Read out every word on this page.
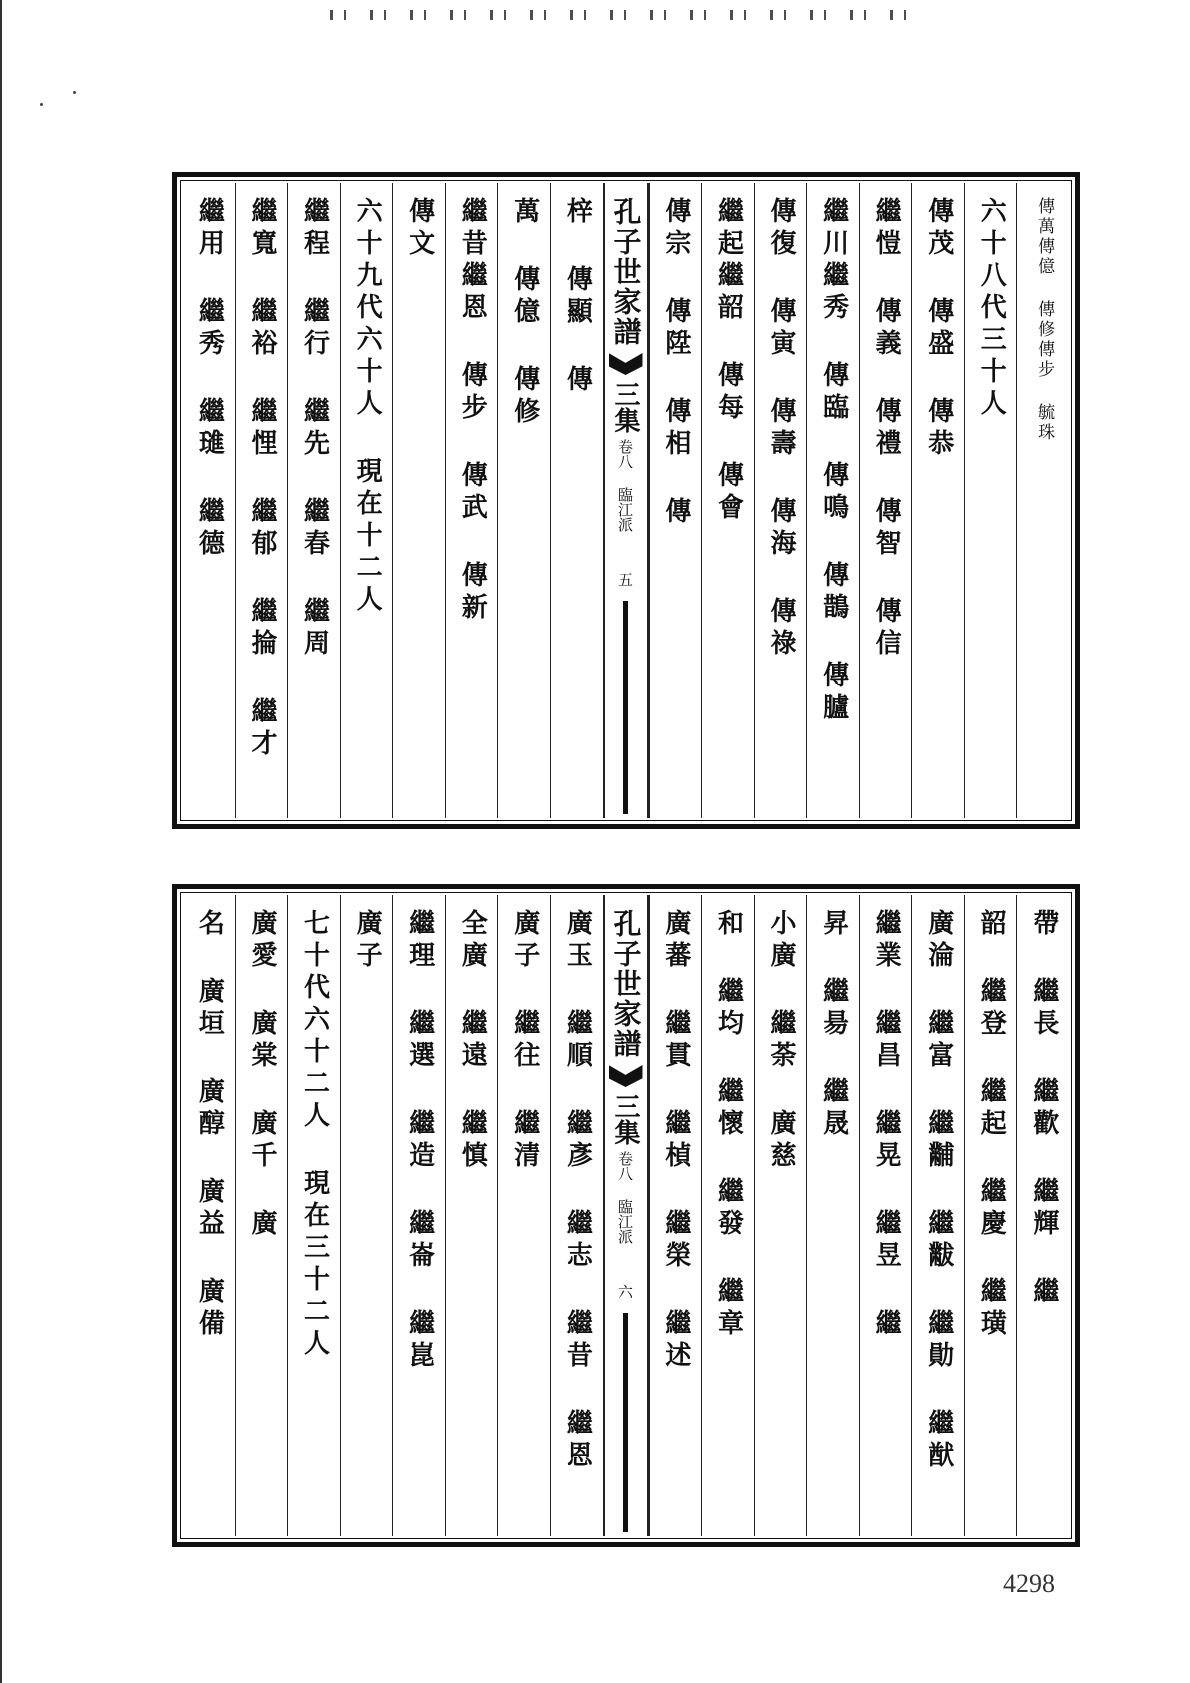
傳萬傳億 傳修傳步 毓珠
六十八代三十人
傳茂 傳盛 傳恭
繼愷 傳義 傳禮 傳智 傳信
繼川繼秀 傳臨 傳鳴 傳鵲 傳臚
傳復 傳寅 傳壽 傳海 傳祿
繼起繼韶 傳每 傳會
傳宗 傳陞 傳相 傳
孔子世家譜
三集
卷八 臨江派
五
梓 傳顯 傳
萬 傳億 傳修
繼昔繼恩 傳步 傳武 傳新
傳文
六十九代六十人 現在十二人
繼程 繼行 繼先 繼春 繼周
繼寬 繼裕 繼悝 繼郁 繼掄 繼才
繼用 繼秀 繼璡 繼德
帶 繼長 繼歡 繼輝 繼
韶 繼登 繼起 繼慶 繼璜
廣淪 繼富 繼黼 繼黻 繼勛 繼猷
繼業 繼昌 繼晃 繼昱 繼
昇 繼昜 繼晟
小廣 繼荼 廣慈
和 繼均 繼懷 繼發 繼章
廣蕃 繼貫 繼楨 繼榮 繼述
孔子世家譜
三集
卷八 臨江派
六
廣玉 繼順 繼彥 繼志 繼昔 繼恩
廣子 繼往 繼清
全廣 繼遠 繼慎
繼理 繼選 繼造 繼崙 繼崑
廣子
七十代六十二人 現在三十二人
廣愛 廣棠 廣千 廣
名 廣垣 廣醇 廣益 廣備
4298
